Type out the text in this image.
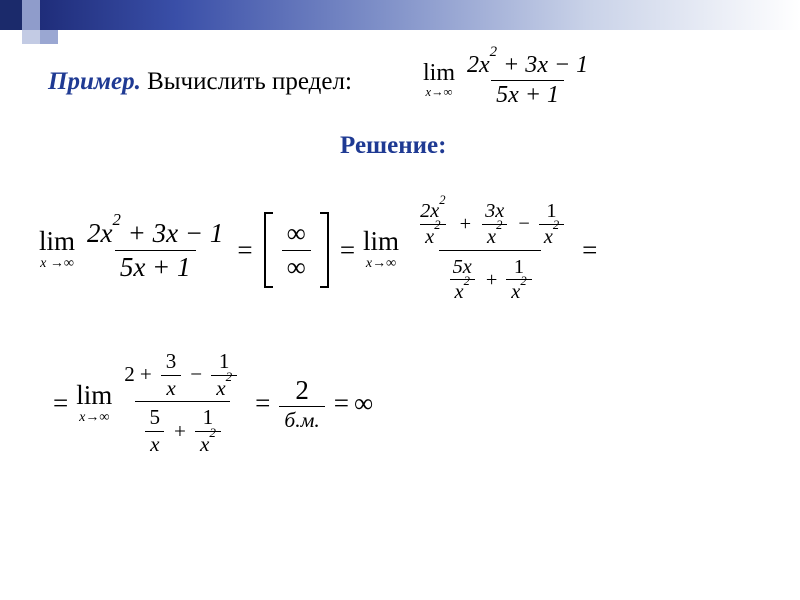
Пример. Вычислить предел:	lim
$x\to\infty \frac{2x^2 + 3x - 1}{5x + 1}$
Решение:
lim
x →∞ $\frac{2x^2 + 3x - 1}{5x + 1} = \frac{\infty}{\infty} = \lim$
x→∞
$\frac{2x^2}{x^2} + \frac{3x}{x^2} - \frac{1}{x^2}$
$\frac{5x}{x^2} + \frac{1}{x^2}$
=
= lim
x→∞
$2 + \frac{3}{x} - \frac{1}{x^2}$
$\frac{5}{x} + \frac{1}{x^2}$
= $\frac{2}{б.м.}$ = ∞
